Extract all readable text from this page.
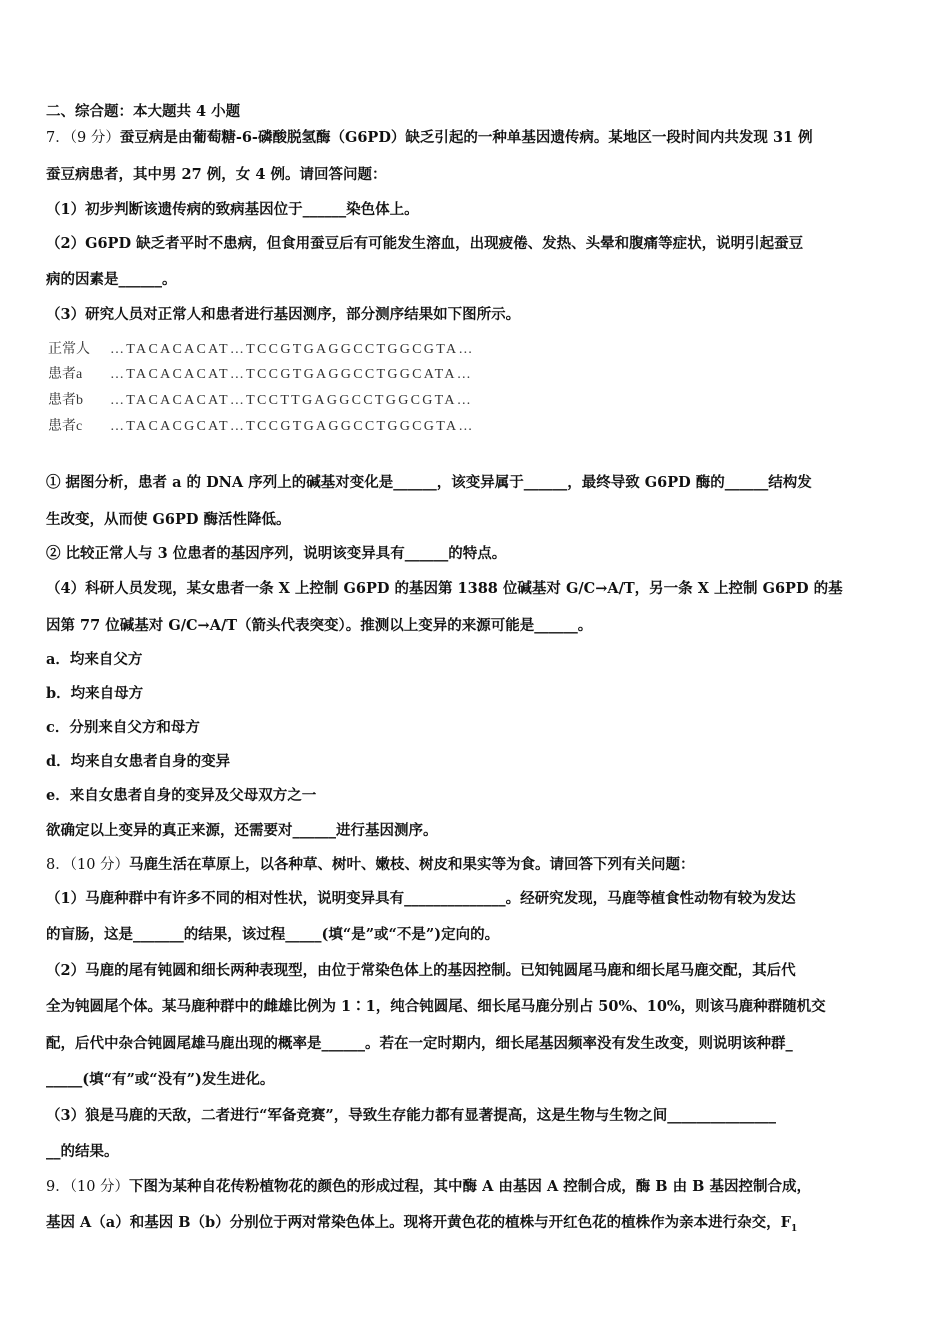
二、综合题：本大题共 4 小题
7．（9 分）蚕豆病是由葡萄糖-6-磷酸脱氢酶（G6PD）缺乏引起的一种单基因遗传病。某地区一段时间内共发现 31 例
蚕豆病患者，其中男 27 例，女 4 例。请回答问题：
（1）初步判断该遗传病的致病基因位于______染色体上。
（2）G6PD 缺乏者平时不患病，但食用蚕豆后有可能发生溶血，出现疲倦、发热、头晕和腹痛等症状，说明引起蚕豆
病的因素是______。
（3）研究人员对正常人和患者进行基因测序，部分测序结果如下图所示。
正常人 …TACACACAT…TCCGTGAGGCCTGGCGTA…
患者a …TACACACAT…TCCGTGAGGCCTGGCATA…
患者b …TACACACAT…TCCTTGAGGCCTGGCGTA…
患者c …TACACGCAT…TCCGTGAGGCCTGGCGTA…
① 据图分析，患者 a 的 DNA 序列上的碱基对变化是______，该变异属于______，最终导致 G6PD 酶的______结构发
生改变，从而使 G6PD 酶活性降低。
② 比较正常人与 3 位患者的基因序列，说明该变异具有______的特点。
（4）科研人员发现，某女患者一条 X 上控制 G6PD 的基因第 1388 位碱基对 G/C→A/T，另一条 X 上控制 G6PD 的基
因第 77 位碱基对 G/C→A/T（箭头代表突变）。推测以上变异的来源可能是______。
a．均来自父方
b．均来自母方
c．分别来自父方和母方
d．均来自女患者自身的变异
e．来自女患者自身的变异及父母双方之一
欲确定以上变异的真正来源，还需要对______进行基因测序。
8．（10 分）马鹿生活在草原上，以各种草、树叶、嫩枝、树皮和果实等为食。请回答下列有关问题：
（1）马鹿种群中有许多不同的相对性状，说明变异具有______________。经研究发现，马鹿等植食性动物有较为发达
的盲肠，这是_______的结果，该过程_____(填“是”或“不是”)定向的。
（2）马鹿的尾有钝圆和细长两种表现型，由位于常染色体上的基因控制。已知钝圆尾马鹿和细长尾马鹿交配，其后代
全为钝圆尾个体。某马鹿种群中的雌雄比例为 1∶1，纯合钝圆尾、细长尾马鹿分别占 50%、10%，则该马鹿种群随机交
配，后代中杂合钝圆尾雄马鹿出现的概率是______。若在一定时期内，细长尾基因频率没有发生改变，则说明该种群_
_____(填“有”或“没有”)发生进化。
（3）狼是马鹿的天敌，二者进行“军备竞赛”，导致生存能力都有显著提高，这是生物与生物之间_______________
__的结果。
9．（10 分）下图为某种自花传粉植物花的颜色的形成过程，其中酶 A 由基因 A 控制合成，酶 B 由 B 基因控制合成，
基因 A（a）和基因 B（b）分别位于两对常染色体上。现将开黄色花的植株与开红色花的植株作为亲本进行杂交，$F_1$
